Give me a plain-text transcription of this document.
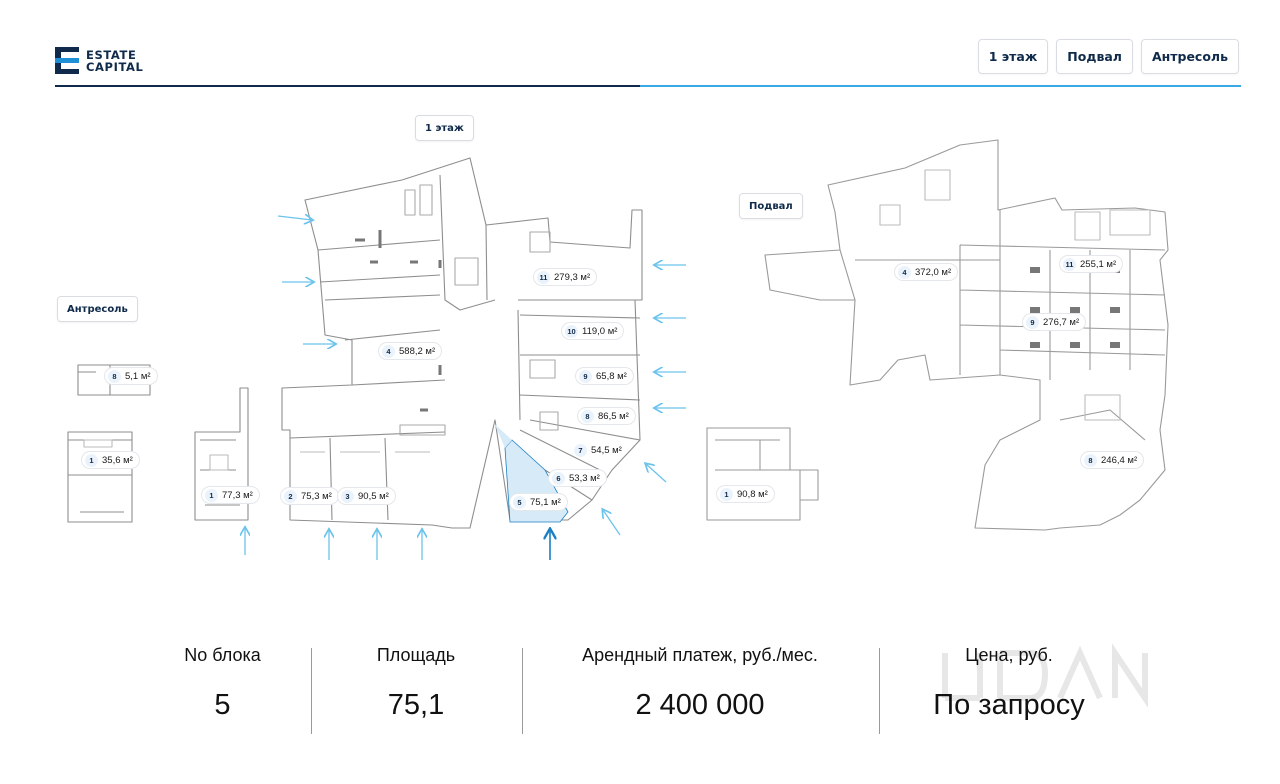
ESTATE
CAPITAL
1 этаж	Подвал	Антресоль
1 этаж
Подвал
Антресоль
11 279,3 м²
10 119,0 м²
4 588,2 м²
9 65,8 м²
8 86,5 м²
7 54,5 м²
6 53,3 м²
5 75,1 м²
1 77,3 м²	2 75,3 м²	3 90,5 м²
4 372,0 м²
11 255,1 м²
9 276,7 м²
8 246,4 м²
1 90,8 м²
8 5,1 м²
1 35,6 м²
No блока
5
Площадь
75,1
Арендный платеж, руб./мес.
2 400 000
Цена, руб.
По запросу
